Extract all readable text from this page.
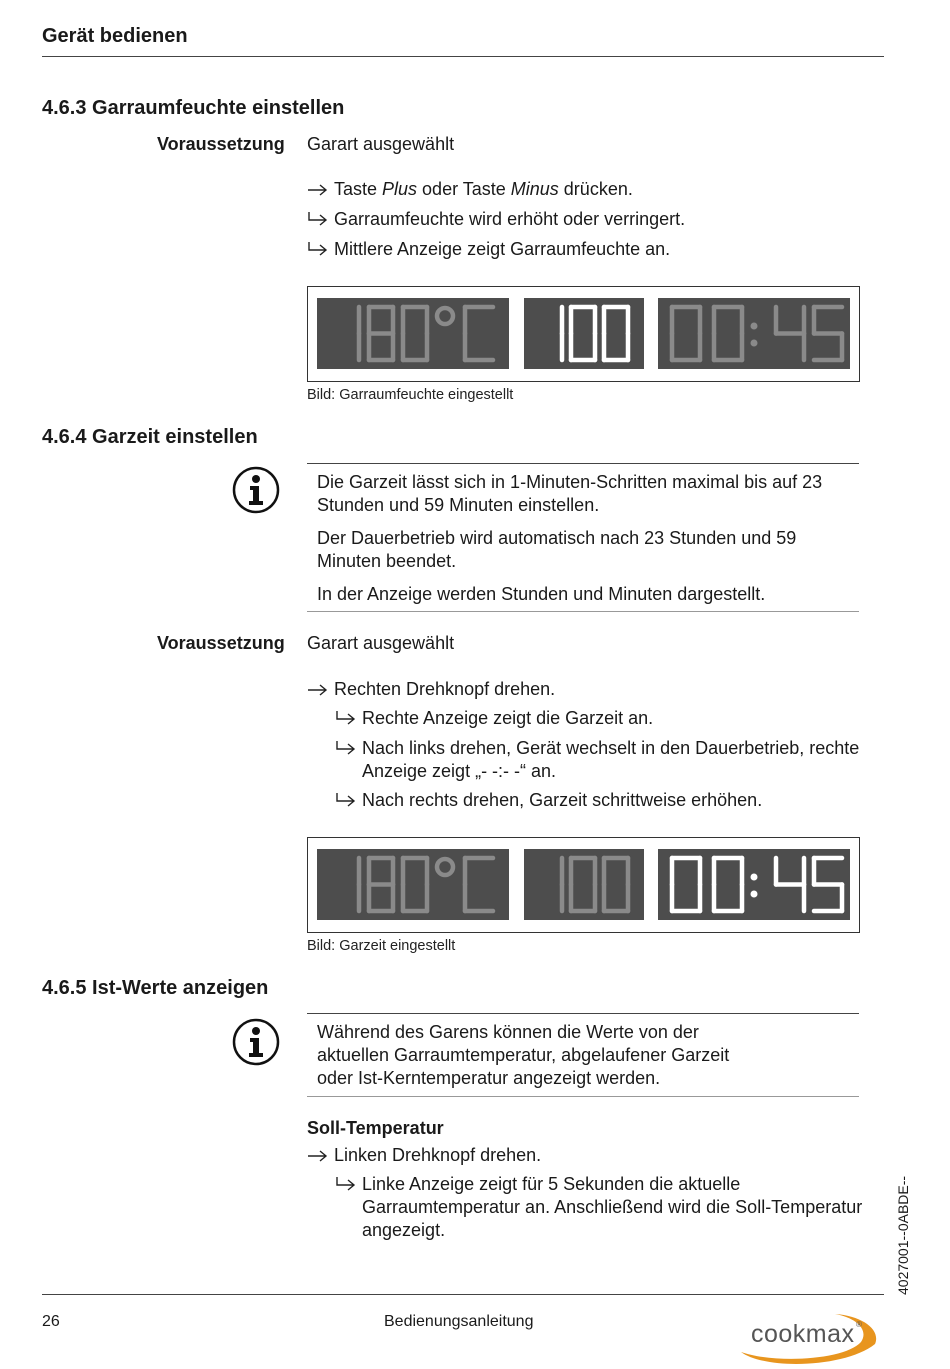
Gerät bedienen
4.6.3 Garraumfeuchte einstellen
Voraussetzung Garart ausgewählt
Taste Plus oder Taste Minus drücken.
Garraumfeuchte wird erhöht oder verringert.
Mittlere Anzeige zeigt Garraumfeuchte an.
Bild: Garraumfeuchte eingestellt
4.6.4 Garzeit einstellen

Die Garzeit lässt sich in 1-Minuten-Schritten maximal bis auf 23 Stunden und 59 Minuten einstellen.

Der Dauerbetrieb wird automatisch nach 23 Stunden und 59 Minuten beendet.

In der Anzeige werden Stunden und Minuten dargestellt.

Voraussetzung Garart ausgewählt
Rechten Drehknopf drehen.
Rechte Anzeige zeigt die Garzeit an.
Nach links drehen, Gerät wechselt in den Dauerbetrieb, rechte Anzeige zeigt „- -:- -“ an.
Nach rechts drehen, Garzeit schrittweise erhöhen.
Bild: Garzeit eingestellt
4.6.5 Ist-Werte anzeigen

Während des Garens können die Werte von der aktuellen Garraumtemperatur, abgelaufener Garzeit oder Ist-Kerntemperatur angezeigt werden.

Soll-Temperatur
Linken Drehknopf drehen.
Linke Anzeige zeigt für 5 Sekunden die aktuelle Garraumtemperatur an. Anschließend wird die Soll-Temperatur angezeigt.	4027001--0ABDE--
26	Bedienungsanleitung	cookmax ®
